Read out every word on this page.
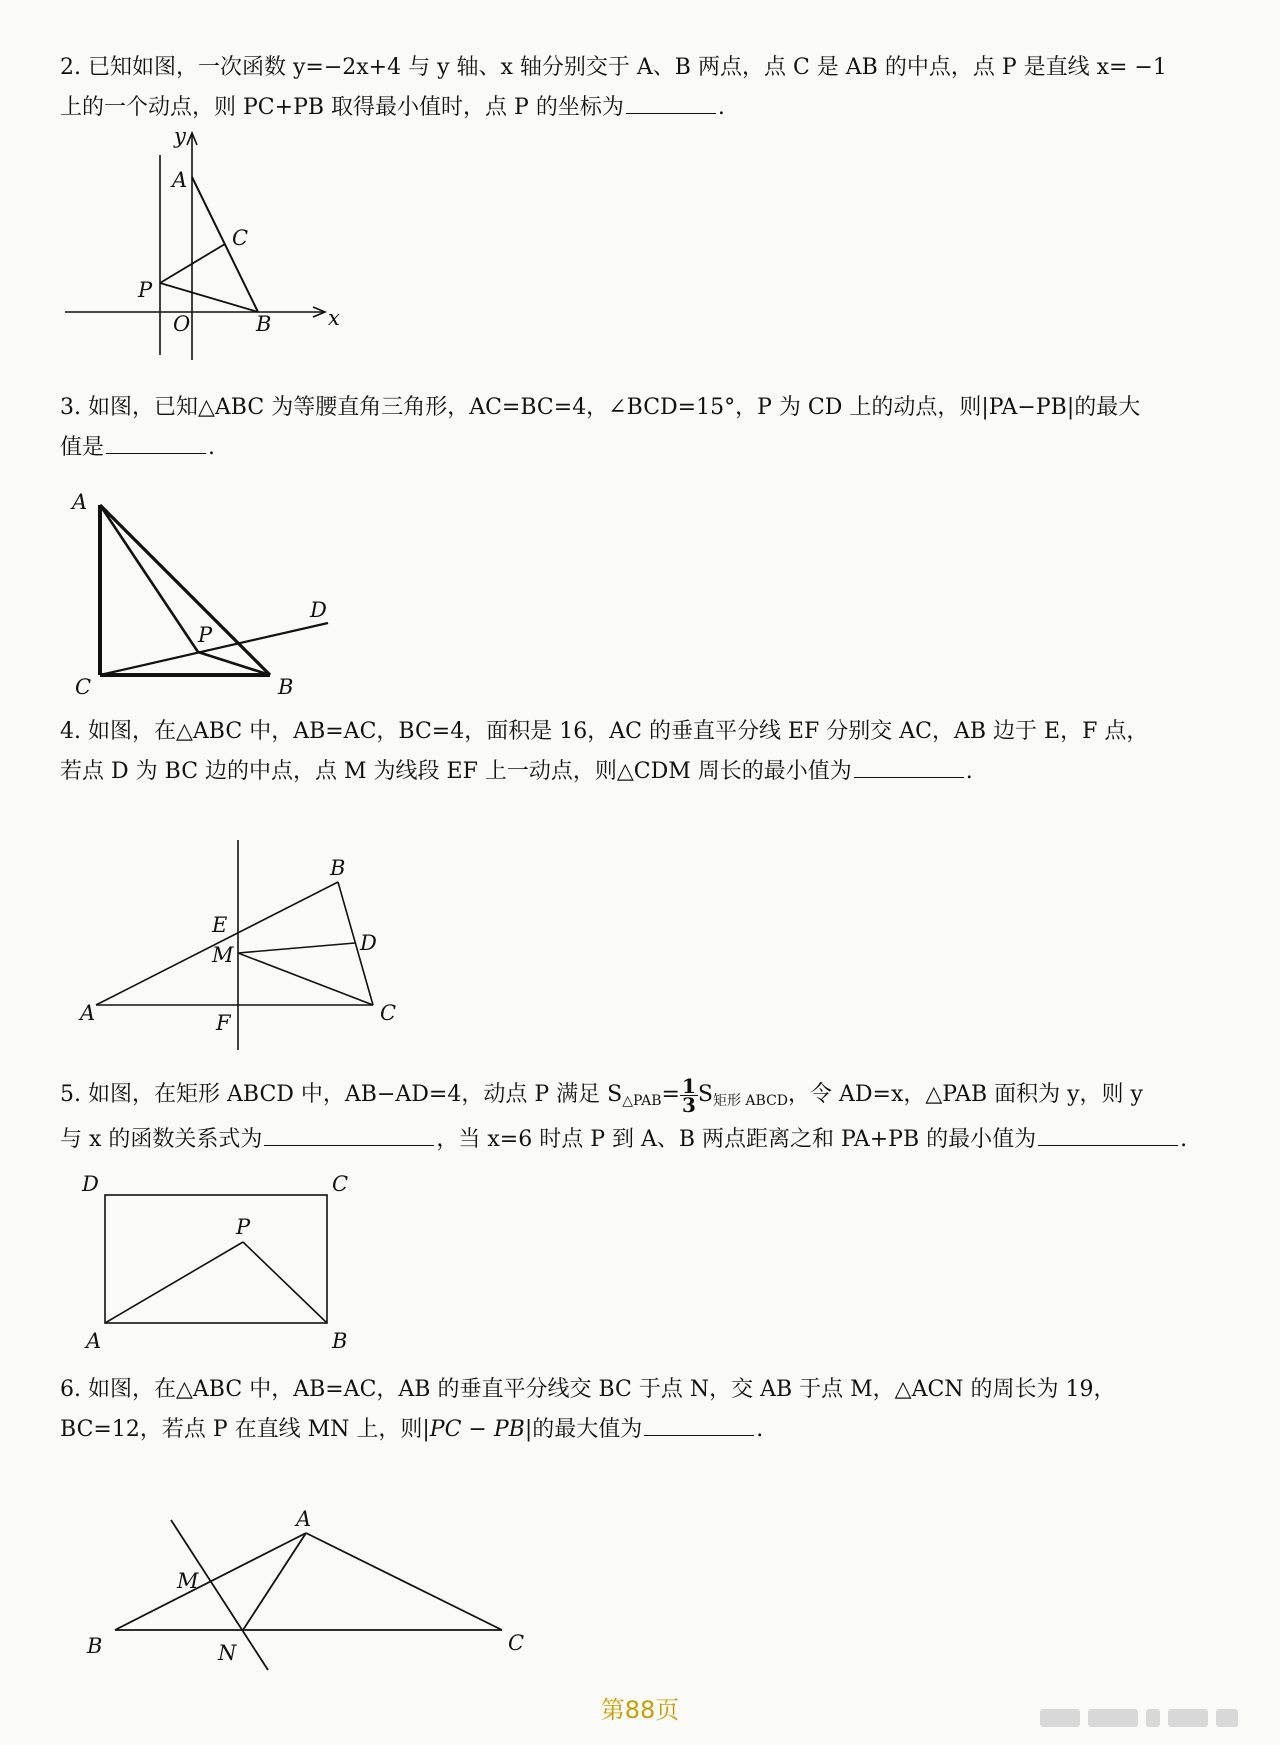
2. 已知如图，一次函数 y=−2x+4 与 y 轴、x 轴分别交于 A、B 两点，点 C 是 AB 的中点，点 P 是直线 x= −1
上的一个动点，则 PC+PB 取得最小值时，点 P 的坐标为	.
y
A
C
P
O	B	x
3. 如图，已知△ABC 为等腰直角三角形，AC=BC=4，∠BCD=15°，P 为 CD 上的动点，则|PA−PB|的最大
值是	.
A
C	B
D
P
4. 如图，在△ABC 中，AB=AC，BC=4，面积是 16，AC 的垂直平分线 EF 分别交 AC，AB 边于 E，F 点，
若点 D 为 BC 边的中点，点 M 为线段 EF 上一动点，则△CDM 周长的最小值为	.
B
E
M	D
A	F	C
5. 如图，在矩形 ABCD 中，AB−AD=4，动点 P 满足 $S_{\triangle PAB}= \frac{1}{3} S_{矩形 ABCD}$，令 AD=x，△PAB 面积为 y，则 y
与 x 的函数关系式为	，当 x=6 时点 P 到 A、B 两点距离之和 PA+PB 的最小值为	.
D	C
P
A	B
6. 如图，在△ABC 中，AB=AC，AB 的垂直平分线交 BC 于点 N，交 AB 于点 M，△ACN 的周长为 19，
BC=12，若点 P 在直线 MN 上，则|PC − PB|的最大值为	.
A
M
B	N	C
第88页
